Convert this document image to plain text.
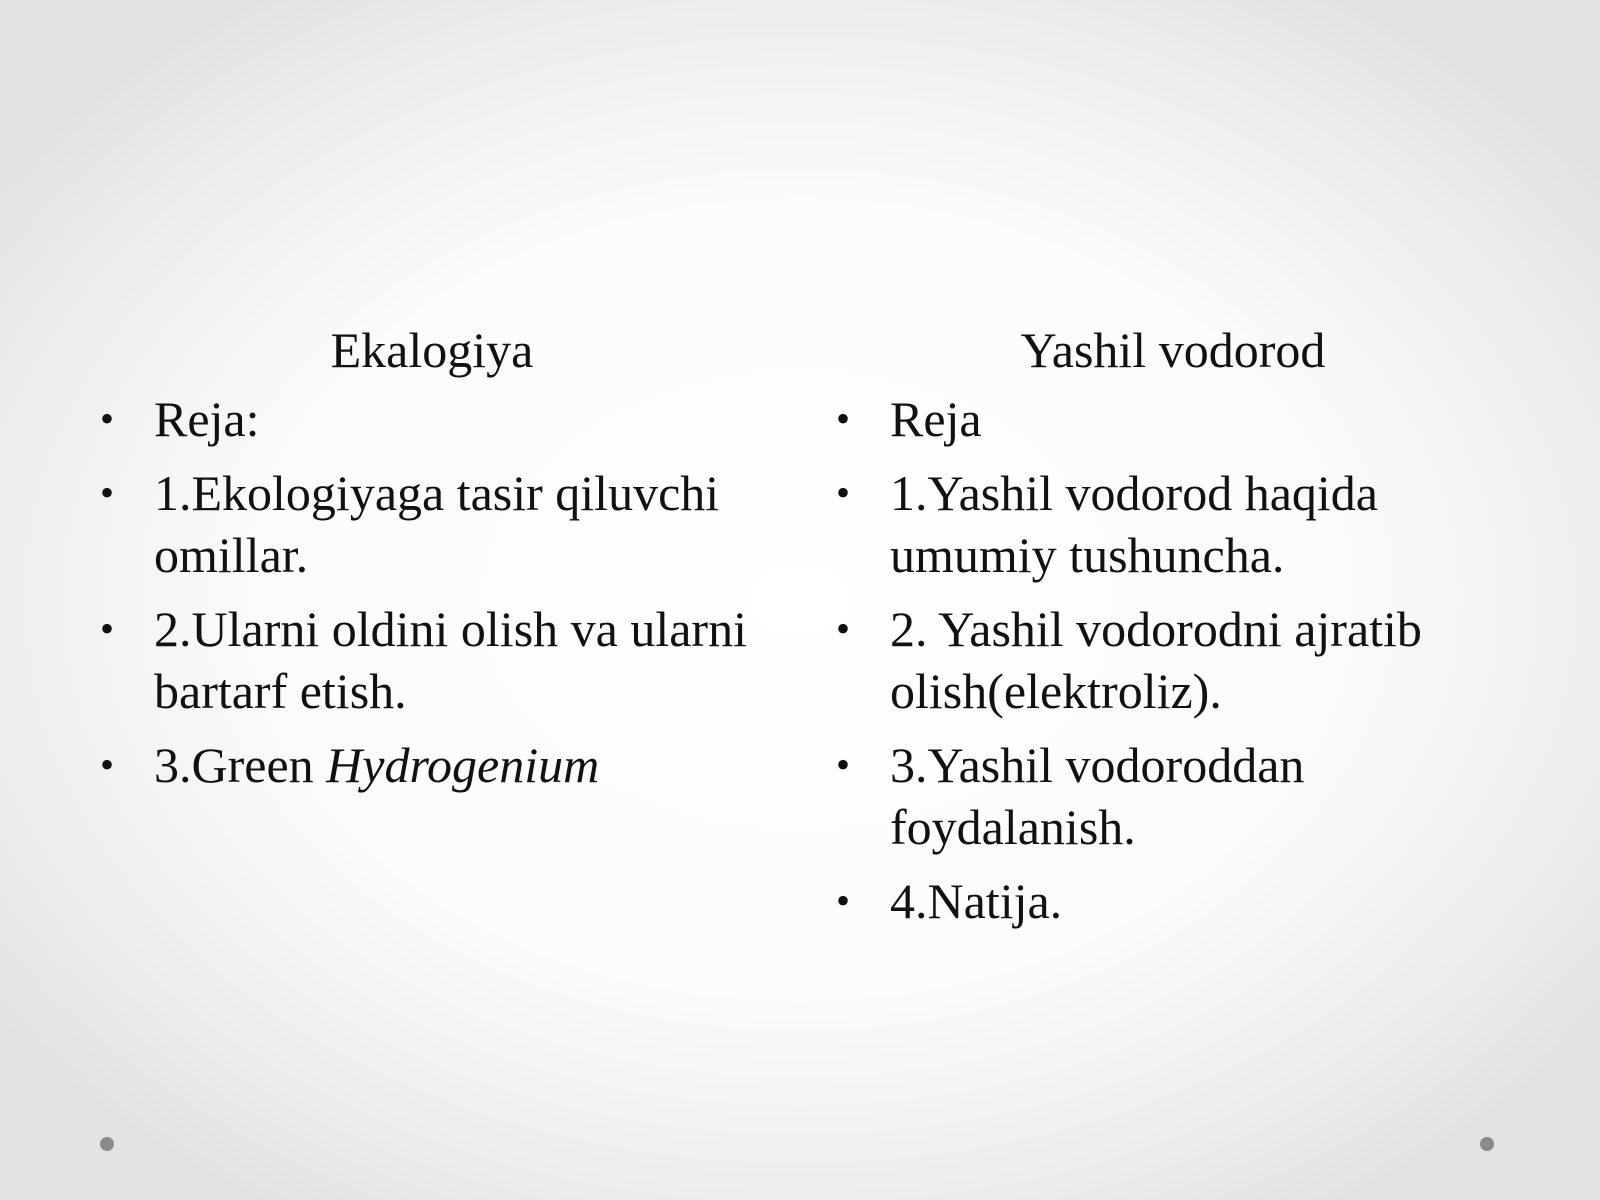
Ekalogiya
• Reja:
• 1.Ekologiyaga tasir qiluvchi omillar.
• 2.Ularni oldini olish va ularni bartarf etish.
• 3.Green Hydrogenium
Yashil vodorod
• Reja
• 1.Yashil vodorod haqida umumiy tushuncha.
• 2. Yashil vodorodni ajratib olish(elektroliz).
• 3.Yashil vodoroddan foydalanish.
• 4.Natija.
